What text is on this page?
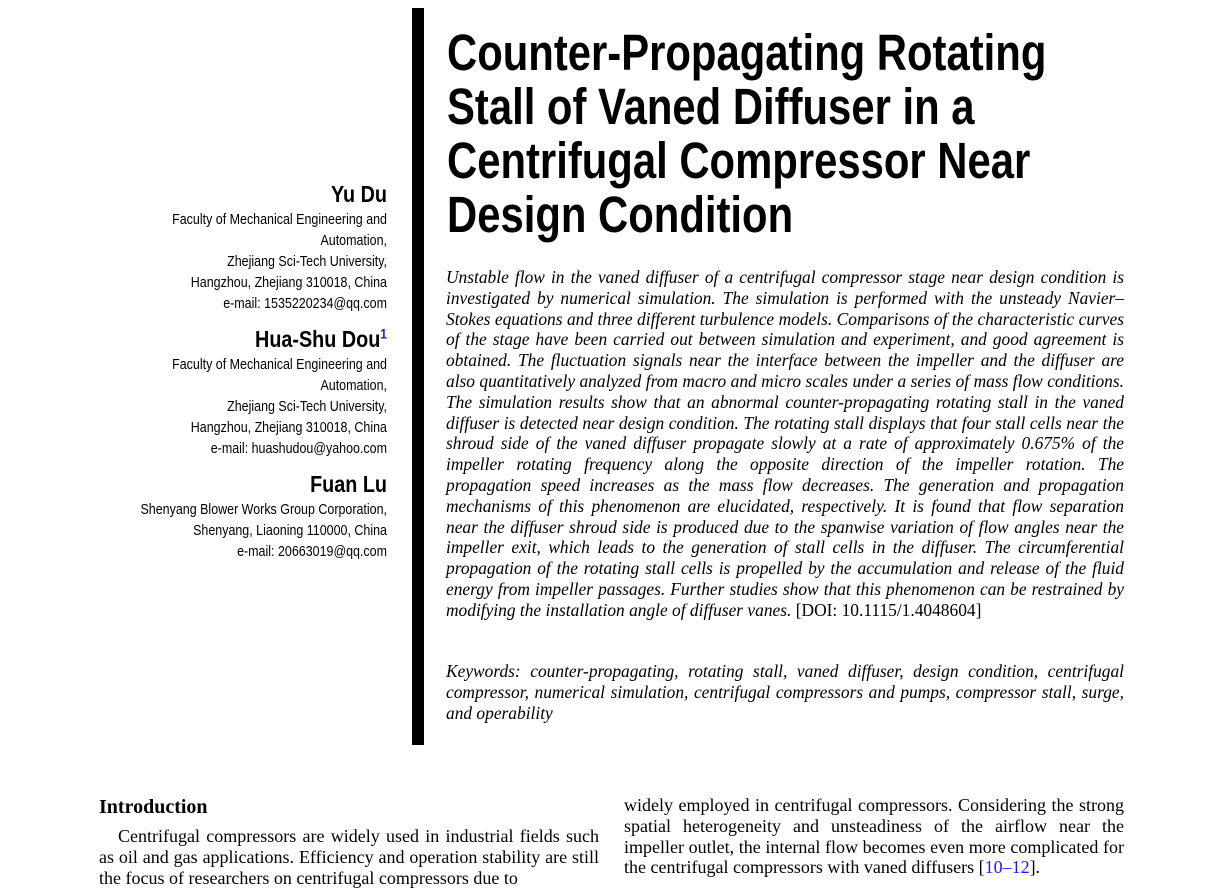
Yu Du
Faculty of Mechanical Engineering and
Automation,
Zhejiang Sci-Tech University,
Hangzhou, Zhejiang 310018, China
e-mail: 1535220234@qq.com
Hua-Shu Dou$^1$
Faculty of Mechanical Engineering and
Automation,
Zhejiang Sci-Tech University,
Hangzhou, Zhejiang 310018, China
e-mail: huashudou@yahoo.com
Fuan Lu
Shenyang Blower Works Group Corporation,
Shenyang, Liaoning 110000, China
e-mail: 20663019@qq.com
Counter-Propagating Rotating
Stall of Vaned Diffuser in a
Centrifugal Compressor Near
Design Condition
Unstable flow in the vaned diffuser of a centrifugal compressor stage near design condition is investigated by numerical simulation. The simulation is performed with the unsteady Navier–Stokes equations and three different turbulence models. Comparisons of the characteristic curves of the stage have been carried out between simulation and experiment, and good agreement is obtained. The fluctuation signals near the interface between the impeller and the diffuser are also quantitatively analyzed from macro and micro scales under a series of mass flow conditions. The simulation results show that an abnormal counter-propagating rotating stall in the vaned diffuser is detected near design condition. The rotating stall displays that four stall cells near the shroud side of the vaned diffuser propagate slowly at a rate of approximately 0.675% of the impeller rotating frequency along the opposite direction of the impeller rotation. The propagation speed increases as the mass flow decreases. The generation and propagation mechanisms of this phenomenon are elucidated, respectively. It is found that flow separation near the diffuser shroud side is produced due to the spanwise variation of flow angles near the impeller exit, which leads to the generation of stall cells in the diffuser. The circumferential propagation of the rotating stall cells is propelled by the accumulation and release of the fluid energy from impeller passages. Further studies show that this phenomenon can be restrained by modifying the installation angle of diffuser vanes. [DOI: 10.1115/1.4048604]
Keywords: counter-propagating, rotating stall, vaned diffuser, design condition, centrifugal compressor, numerical simulation, centrifugal compressors and pumps, compressor stall, surge, and operability
Introduction

Centrifugal compressors are widely used in industrial fields such as oil and gas applications. Efficiency and operation stability are still the focus of researchers on centrifugal compressors due to

widely employed in centrifugal compressors. Considering the strong spatial heterogeneity and unsteadiness of the airflow near the impeller outlet, the internal flow becomes even more complicated for the centrifugal compressors with vaned diffusers [10–12].
